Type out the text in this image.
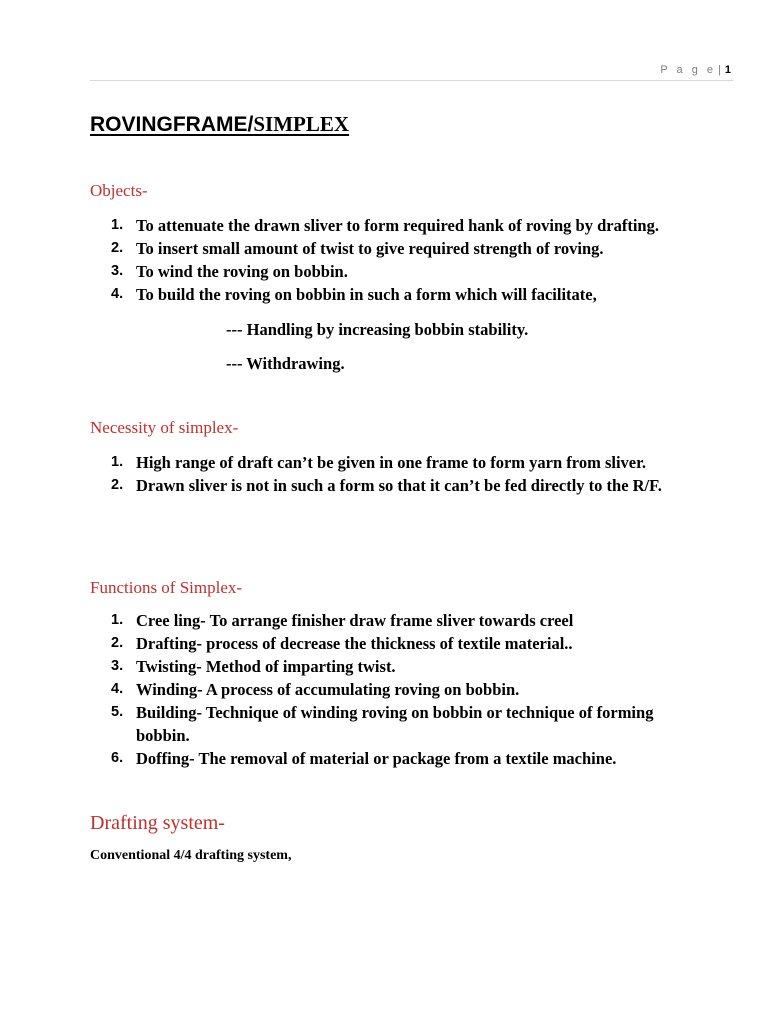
P a g e | 1
ROVINGFRAME/SIMPLEX
Objects-
1. To attenuate the drawn sliver to form required hank of roving by drafting.
2. To insert small amount of twist to give required strength of roving.
3. To wind the roving on bobbin.
4. To build the roving on bobbin in such a form which will facilitate,

--- Handling by increasing bobbin stability.

--- Withdrawing.

Necessity of simplex-
1. High range of draft can’t be given in one frame to form yarn from sliver.
2. Drawn sliver is not in such a form so that it can’t be fed directly to the R/F.
Functions of Simplex-
1. Cree ling- To arrange finisher draw frame sliver towards creel
2. Drafting- process of decrease the thickness of textile material..
3. Twisting- Method of imparting twist.
4. Winding- A process of accumulating roving on bobbin.
5. Building- Technique of winding roving on bobbin or technique of forming bobbin.
6. Doffing- The removal of material or package from a textile machine.
Drafting system-

Conventional 4/4 drafting system,
